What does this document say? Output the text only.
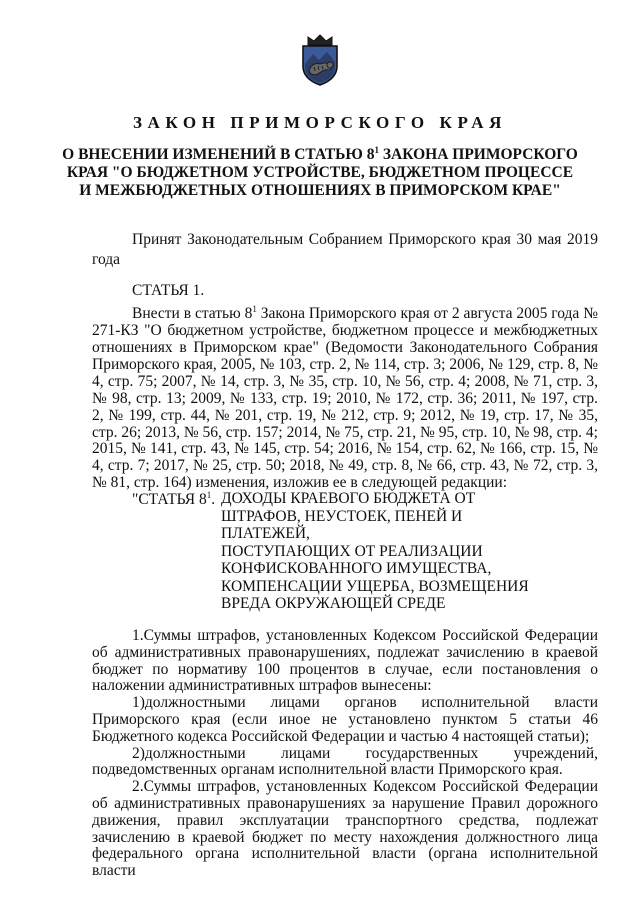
ЗАКОН ПРИМОРСКОГО КРАЯ
О ВНЕСЕНИИ ИЗМЕНЕНИЙ В СТАТЬЮ $8^1$ ЗАКОНА ПРИМОРСКОГО КРАЯ "О БЮДЖЕТНОМ УСТРОЙСТВЕ, БЮДЖЕТНОМ ПРОЦЕССЕ И МЕЖБЮДЖЕТНЫХ ОТНОШЕНИЯХ В ПРИМОРСКОМ КРАЕ"
Принят Законодательным Собранием Приморского края 30 мая 2019 года
СТАТЬЯ 1.
Внести в статью $8^1$ Закона Приморского края от 2 августа 2005 года № 271-КЗ "О бюджетном устройстве, бюджетном процессе и межбюджетных отношениях в Приморском крае" (Ведомости Законодательного Собрания Приморского края, 2005, № 103, стр. 2, № 114, стр. 3; 2006, № 129, стр. 8, № 4, стр. 75; 2007, № 14, стр. 3, № 35, стр. 10, № 56, стр. 4; 2008, № 71, стр. 3, № 98, стр. 13; 2009, № 133, стр. 19; 2010, № 172, стр. 36; 2011, № 197, стр. 2, № 199, стр. 44, № 201, стр. 19, № 212, стр. 9; 2012, № 19, стр. 17, № 35, стр. 26; 2013, № 56, стр. 157; 2014, № 75, стр. 21, № 95, стр. 10, № 98, стр. 4; 2015, № 141, стр. 43, № 145, стр. 54; 2016, № 154, стр. 62, № 166, стр. 15, № 4, стр. 7; 2017, № 25, стр. 50; 2018, № 49, стр. 8, № 66, стр. 43, № 72, стр. 3, № 81, стр. 164) изменения, изложив ее в следующей редакции:
"СТАТЬЯ $8^1$. ДОХОДЫ КРАЕВОГО БЮДЖЕТА ОТ
ШТРАФОВ, НЕУСТОЕК, ПЕНЕЙ И ПЛАТЕЖЕЙ,
ПОСТУПАЮЩИХ ОТ РЕАЛИЗАЦИИ
КОНФИСКОВАННОГО ИМУЩЕСТВА,
КОМПЕНСАЦИИ УЩЕРБА, ВОЗМЕЩЕНИЯ
ВРЕДА ОКРУЖАЮЩЕЙ СРЕДЕ

1.Суммы штрафов, установленных Кодексом Российской Федерации об административных правонарушениях, подлежат зачислению в краевой бюджет по нормативу 100 процентов в случае, если постановления о наложении административных штрафов вынесены:

1)должностными лицами органов исполнительной власти Приморского края (если иное не установлено пунктом 5 статьи 46 Бюджетного кодекса Российской Федерации и частью 4 настоящей статьи);

2)должностными лицами государственных учреждений, подведомственных органам исполнительной власти Приморского края.

2.Суммы штрафов, установленных Кодексом Российской Федерации об административных правонарушениях за нарушение Правил дорожного движения, правил эксплуатации транспортного средства, подлежат зачислению в краевой бюджет по месту нахождения должностного лица федерального органа исполнительной власти (органа исполнительной власти
